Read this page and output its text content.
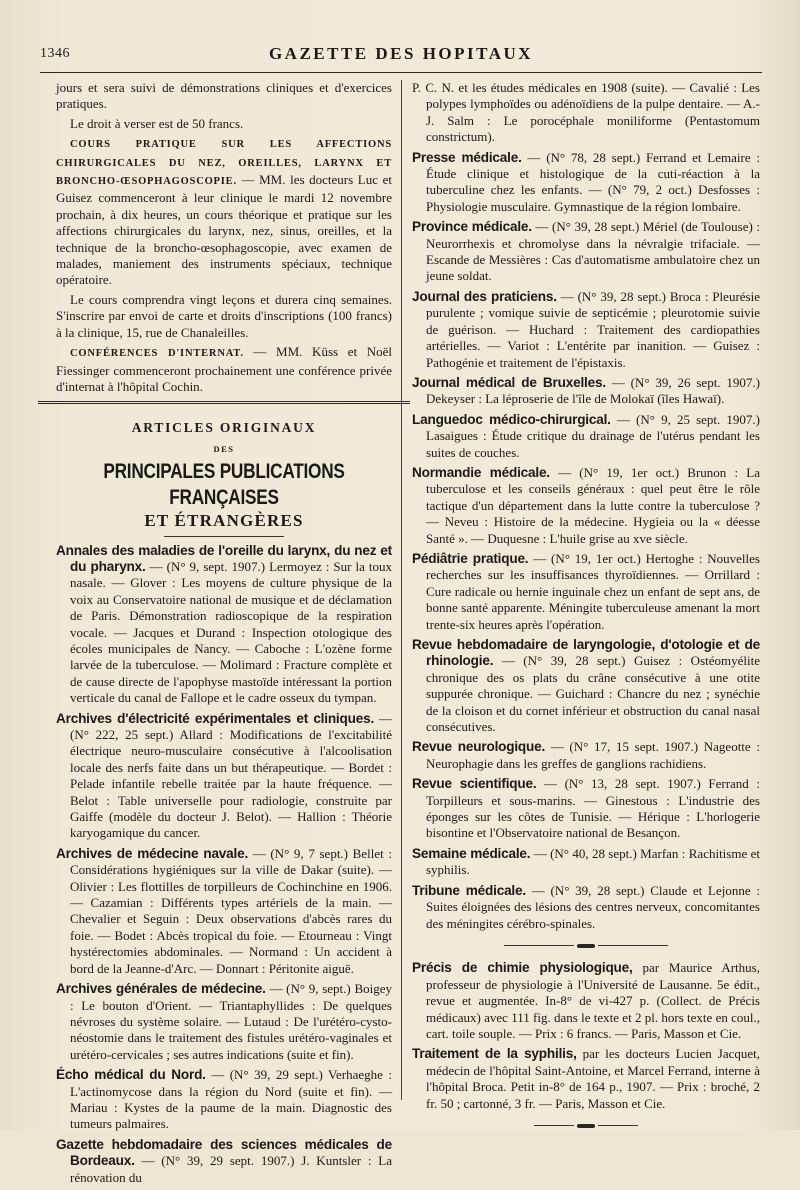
1346	GAZETTE DES HOPITAUX

jours et sera suivi de démonstrations cliniques et d'exercices pratiques.

Le droit à verser est de 50 francs.

COURS PRATIQUE SUR LES AFFECTIONS CHIRURGICALES DU NEZ, OREILLES, LARYNX ET BRONCHO-ŒSOPHAGOSCOPIE. — MM. les docteurs Luc et Guisez commenceront à leur clinique le mardi 12 novembre prochain, à dix heures, un cours théorique et pratique sur les affections chirurgicales du larynx, nez, sinus, oreilles, et la technique de la broncho-œsophagoscopie, avec examen de malades, maniement des instruments spéciaux, technique opératoire.

Le cours comprendra vingt leçons et durera cinq semaines. S'inscrire par envoi de carte et droits d'inscriptions (100 francs) à la clinique, 15, rue de Chanaleilles.

CONFÉRENCES D'INTERNAT. — MM. Küss et Noël Fiessinger commenceront prochainement une conférence privée d'internat à l'hôpital Cochin.

ARTICLES ORIGINAUX
DES
PRINCIPALES PUBLICATIONS FRANÇAISES
ET ÉTRANGÈRES

Annales des maladies de l'oreille du larynx, du nez et du pharynx. — (N° 9, sept. 1907.) Lermoyez : Sur la toux nasale. — Glover : Les moyens de culture physique de la voix au Conservatoire national de musique et de déclamation de Paris. Démonstration radioscopique de la respiration vocale. — Jacques et Durand : Inspection otologique des écoles municipales de Nancy. — Caboche : L'ozène forme larvée de la tuberculose. — Molimard : Fracture complète et de cause directe de l'apophyse mastoïde intéressant la portion verticale du canal de Fallope et le cadre osseux du tympan.

Archives d'électricité expérimentales et cliniques. — (N° 222, 25 sept.) Allard : Modifications de l'excitabilité électrique neuro-musculaire consécutive à l'alcoolisation locale des nerfs faite dans un but thérapeutique. — Bordet : Pelade infantile rebelle traitée par la haute fréquence. — Belot : Table universelle pour radiologie, construite par Gaiffe (modèle du docteur J. Belot). — Hallion : Théorie karyogamique du cancer.

Archives de médecine navale. — (N° 9, 7 sept.) Bellet : Considérations hygiéniques sur la ville de Dakar (suite). — Olivier : Les flottilles de torpilleurs de Cochinchine en 1906. — Cazamian : Différents types artériels de la main. — Chevalier et Seguin : Deux observations d'abcès rares du foie. — Bodet : Abcès tropical du foie. — Etourneau : Vingt hystérectomies abdominales. — Normand : Un accident à bord de la Jeanne-d'Arc. — Donnart : Péritonite aiguë.

Archives générales de médecine. — (N° 9, sept.) Boigey : Le bouton d'Orient. — Triantaphyllides : De quelques névroses du système solaire. — Lutaud : De l'urétéro-cysto-néostomie dans le traitement des fistules urétéro-vaginales et urétéro-cervicales ; ses autres indications (suite et fin).

Écho médical du Nord. — (N° 39, 29 sept.) Verhaeghe : L'actinomycose dans la région du Nord (suite et fin). — Mariau : Kystes de la paume de la main. Diagnostic des tumeurs palmaires.

Gazette hebdomadaire des sciences médicales de Bordeaux. — (N° 39, 29 sept. 1907.) J. Kuntsler : La rénovation du

P. C. N. et les études médicales en 1908 (suite). — Cavalié : Les polypes lymphoïdes ou adénoïdiens de la pulpe dentaire. — A.-J. Salm : Le porocéphale moniliforme (Pentastomum constrictum).

Presse médicale. — (N° 78, 28 sept.) Ferrand et Lemaire : Étude clinique et histologique de la cuti-réaction à la tuberculine chez les enfants. — (N° 79, 2 oct.) Desfosses : Physiologie musculaire. Gymnastique de la région lombaire.

Province médicale. — (N° 39, 28 sept.) Mériel (de Toulouse) : Neurorrhexis et chromolyse dans la névralgie trifaciale. — Escande de Messières : Cas d'automatisme ambulatoire chez un jeune soldat.

Journal des praticiens. — (N° 39, 28 sept.) Broca : Pleurésie purulente ; vomique suivie de septicémie ; pleurotomie suivie de guérison. — Huchard : Traitement des cardiopathies artérielles. — Variot : L'entérite par inanition. — Guisez : Pathogénie et traitement de l'épistaxis.

Journal médical de Bruxelles. — (N° 39, 26 sept. 1907.) Dekeyser : La léproserie de l'île de Molokaï (îles Hawaï).

Languedoc médico-chirurgical. — (N° 9, 25 sept. 1907.) Lasaigues : Étude critique du drainage de l'utérus pendant les suites de couches.

Normandie médicale. — (N° 19, 1er oct.) Brunon : La tuberculose et les conseils généraux : quel peut être le rôle tactique d'un département dans la lutte contre la tuberculose ? — Neveu : Histoire de la médecine. Hygieia ou la « déesse Santé ». — Duquesne : L'huile grise au xve siècle.

Pédiâtrie pratique. — (N° 19, 1er oct.) Hertoghe : Nouvelles recherches sur les insuffisances thyroïdiennes. — Orrillard : Cure radicale ou hernie inguinale chez un enfant de sept ans, de bonne santé apparente. Méningite tuberculeuse amenant la mort trente-six heures après l'opération.

Revue hebdomadaire de laryngologie, d'otologie et de rhinologie. — (N° 39, 28 sept.) Guisez : Ostéomyélite chronique des os plats du crâne consécutive à une otite suppurée chronique. — Guichard : Chancre du nez ; synéchie de la cloison et du cornet inférieur et obstruction du canal nasal consécutives.

Revue neurologique. — (N° 17, 15 sept. 1907.) Nageotte : Neurophagie dans les greffes de ganglions rachidiens.

Revue scientifique. — (N° 13, 28 sept. 1907.) Ferrand : Torpilleurs et sous-marins. — Ginestous : L'industrie des éponges sur les côtes de Tunisie. — Hérique : L'horlogerie bisontine et l'Observatoire national de Besançon.

Semaine médicale. — (N° 40, 28 sept.) Marfan : Rachitisme et syphilis.

Tribune médicale. — (N° 39, 28 sept.) Claude et Lejonne : Suites éloignées des lésions des centres nerveux, concomitantes des méningites cérébro-spinales.

Précis de chimie physiologique, par Maurice Arthus, professeur de physiologie à l'Université de Lausanne. 5e édit., revue et augmentée. In-8° de vi-427 p. (Collect. de Précis médicaux) avec 111 fig. dans le texte et 2 pl. hors texte en coul., cart. toile souple. — Prix : 6 francs. — Paris, Masson et Cie.

Traitement de la syphilis, par les docteurs Lucien Jacquet, médecin de l'hôpital Saint-Antoine, et Marcel Ferrand, interne à l'hôpital Broca. Petit in-8° de 164 p., 1907. — Prix : broché, 2 fr. 50 ; cartonné, 3 fr. — Paris, Masson et Cie.
